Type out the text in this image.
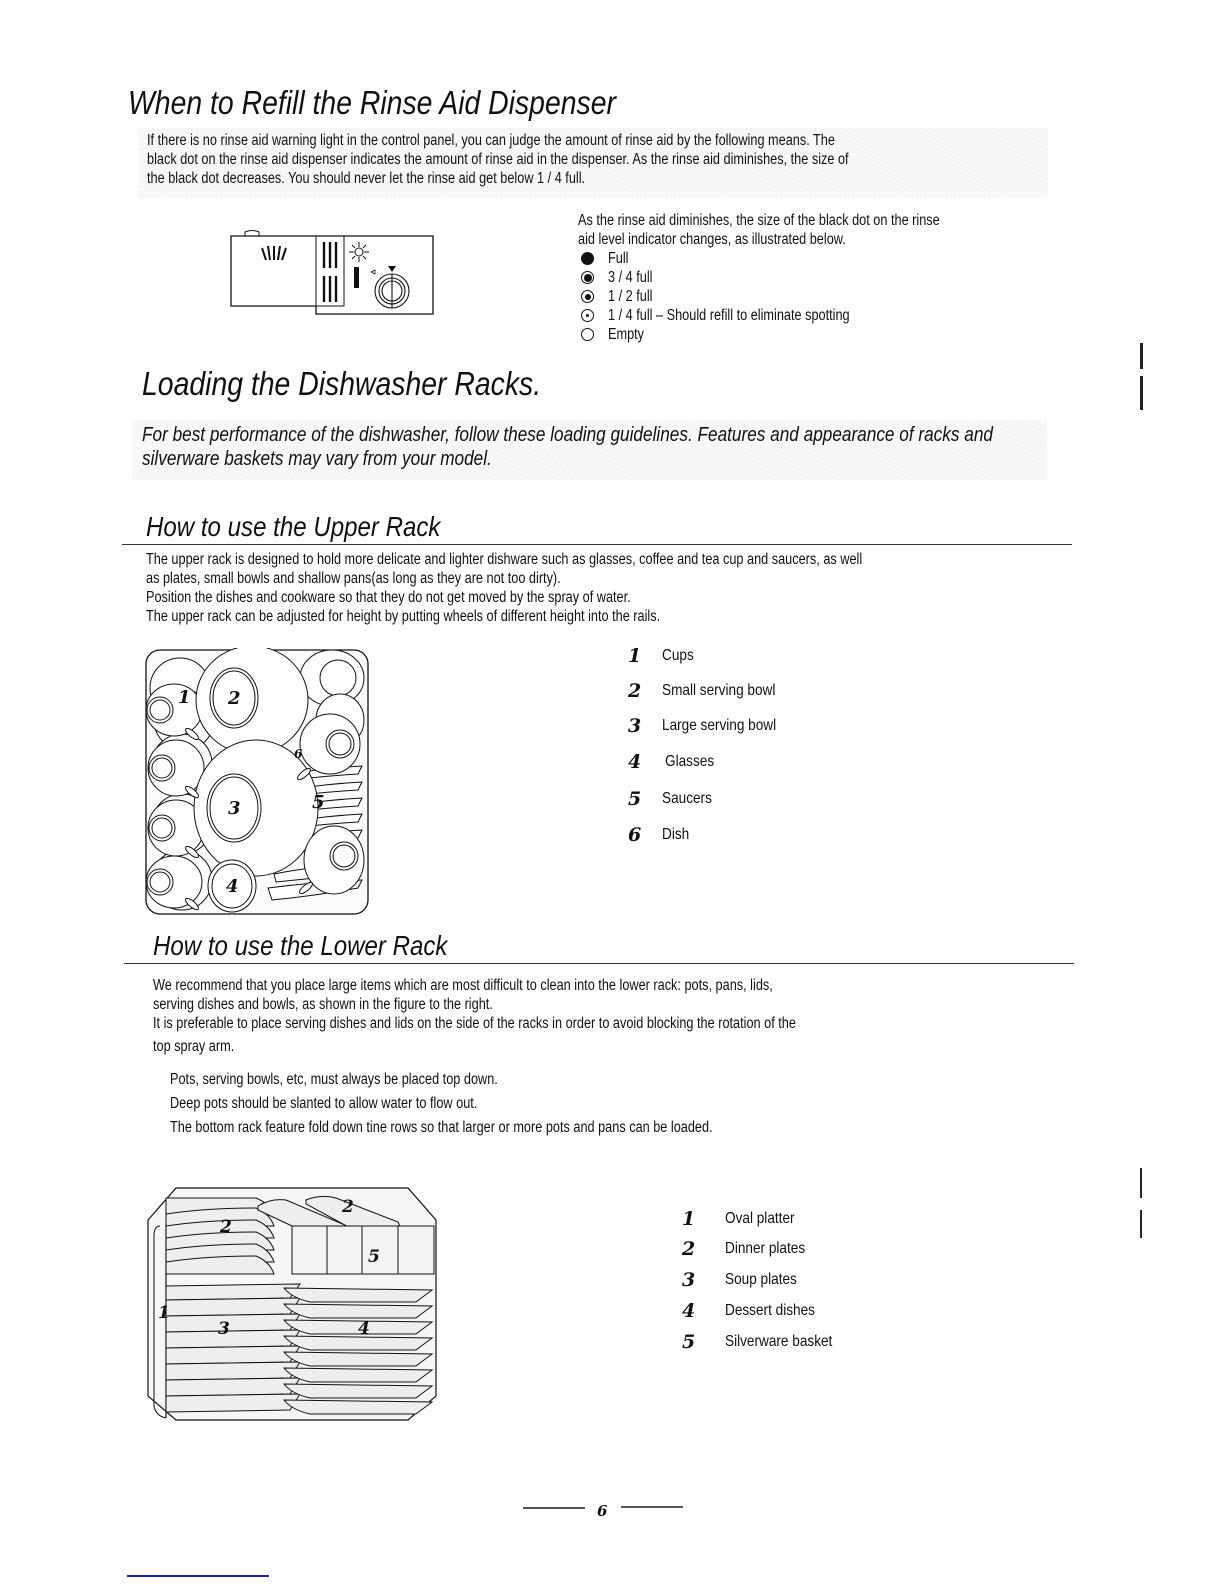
When to Refill the Rinse Aid Dispenser
If there is no rinse aid warning light in the control panel, you can judge the amount of rinse aid by the following means. The
black dot on the rinse aid dispenser indicates the amount of rinse aid in the dispenser. As the rinse aid diminishes, the size of
the black dot decreases. You should never let the rinse aid get below 1 / 4 full.
As the rinse aid diminishes, the size of the black dot on the rinse
aid level indicator changes, as illustrated below.
Full
3 / 4 full
1 / 2 full
1 / 4 full – Should refill to eliminate spotting
Empty
Loading the Dishwasher Racks.
For best performance of the dishwasher, follow these loading guidelines. Features and appearance of racks and
silverware baskets may vary from your model.
How to use the Upper Rack
The upper rack is designed to hold more delicate and lighter dishware such as glasses, coffee and tea cup and saucers, as well
as plates, small bowls and shallow pans(as long as they are not too dirty).
Position the dishes and cookware so that they do not get moved by the spray of water.
The upper rack can be adjusted for height by putting wheels of different height into the rails.
1 2
3
4
5
6
1	Cups
2	Small serving bowl
3	Large serving bowl
4	Glasses
5	Saucers
6	Dish
How to use the Lower Rack
We recommend that you place large items which are most difficult to clean into the lower rack: pots, pans, lids,
serving dishes and bowls, as shown in the figure to the right.
It is preferable to place serving dishes and lids on the side of the racks in order to avoid blocking the rotation of the
top spray arm.
Pots, serving bowls, etc, must always be placed top down.
Deep pots should be slanted to allow water to flow out.
The bottom rack feature fold down tine rows so that larger or more pots and pans can be loaded.
1
2
2
3	4
5
1	Oval platter
2	Dinner plates
3	Soup plates
4	Dessert dishes
5	Silverware basket
6
